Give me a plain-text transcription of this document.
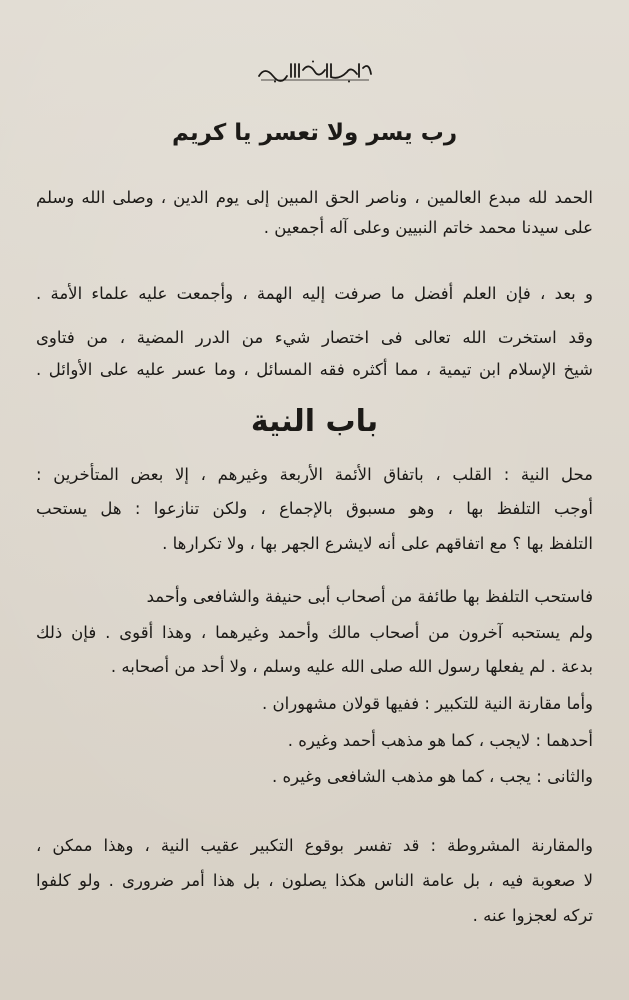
رب يسر ولا تعسر يا كريم

الحمد لله مبدع العالمين ، وناصر الحق المبين إلى يوم الدين ، وصلى الله وسلم

على سيدنا محمد خاتم النبيين وعلى آله أجمعين .

و بعد ، فإن العلم أفضل ما صرفت إليه الهمة ، وأجمعت عليه علماء الأمة .

وقد استخرت الله تعالى فى اختصار شيء من الدرر المضية ، من فتاوى

شيخ الإسلام ابن تيمية ، مما أكثره فقه المسائل ، وما عسر عليه على الأوائل .

باب النية

محل النية : القلب ، باتفاق الأئمة الأربعة وغيرهم ، إلا بعض المتأخرين :

أوجب التلفظ بها ، وهو مسبوق بالإجماع ، ولكن تنازعوا : هل يستحب

التلفظ بها ؟ مع اتفاقهم على أنه لايشرع الجهر بها ، ولا تكرارها .

فاستحب التلفظ بها طائفة من أصحاب أبى حنيفة والشافعى وأحمد

ولم يستحبه آخرون من أصحاب مالك وأحمد وغيرهما ، وهذا أقوى . فإن ذلك

بدعة . لم يفعلها رسول الله صلى الله عليه وسلم ، ولا أحد من أصحابه .

وأما مقارنة النية للتكبير : ففيها قولان مشهوران .

أحدهما : لايجب ، كما هو مذهب أحمد وغيره .

والثانى : يجب ، كما هو مذهب الشافعى وغيره .

والمقارنة المشروطة : قد تفسر بوقوع التكبير عقيب النية ، وهذا ممكن ،

لا صعوبة فيه ، بل عامة الناس هكذا يصلون ، بل هذا أمر ضرورى . ولو كلفوا

تركه لعجزوا عنه .
